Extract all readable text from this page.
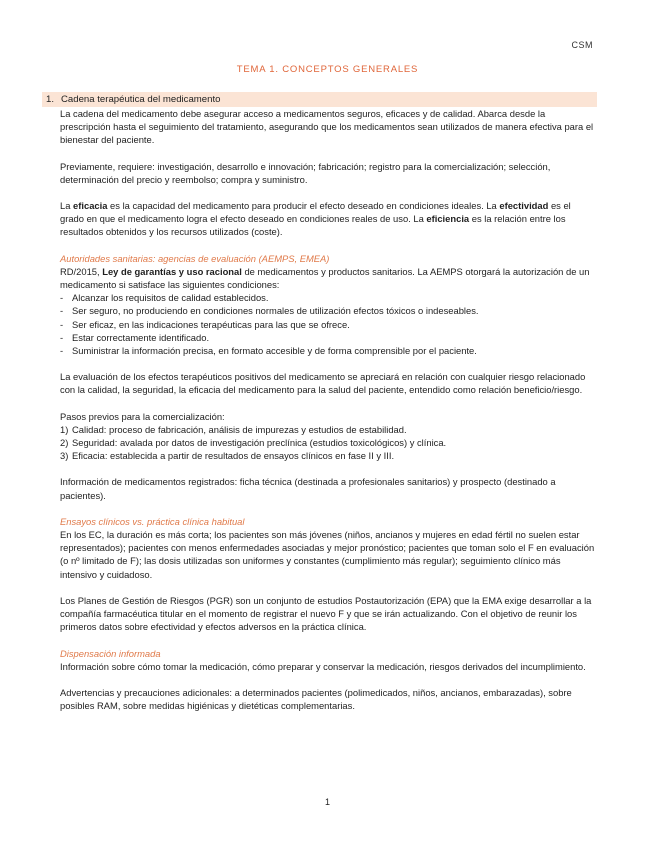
CSM
TEMA 1. CONCEPTOS GENERALES
1. Cadena terapéutica del medicamento

La cadena del medicamento debe asegurar acceso a medicamentos seguros, eficaces y de calidad. Abarca desde la prescripción hasta el seguimiento del tratamiento, asegurando que los medicamentos sean utilizados de manera efectiva para el bienestar del paciente.

Previamente, requiere: investigación, desarrollo e innovación; fabricación; registro para la comercialización; selección, determinación del precio y reembolso; compra y suministro.

La eficacia es la capacidad del medicamento para producir el efecto deseado en condiciones ideales. La efectividad es el grado en que el medicamento logra el efecto deseado en condiciones reales de uso. La eficiencia es la relación entre los resultados obtenidos y los recursos utilizados (coste).

Autoridades sanitarias: agencias de evaluación (AEMPS, EMEA)

RD/2015, Ley de garantías y uso racional de medicamentos y productos sanitarios. La AEMPS otorgará la autorización de un medicamento si satisface las siguientes condiciones:

- Alcanzar los requisitos de calidad establecidos.
- Ser seguro, no produciendo en condiciones normales de utilización efectos tóxicos o indeseables.
- Ser eficaz, en las indicaciones terapéuticas para las que se ofrece.
- Estar correctamente identificado.
- Suministrar la información precisa, en formato accesible y de forma comprensible por el paciente.

La evaluación de los efectos terapéuticos positivos del medicamento se apreciará en relación con cualquier riesgo relacionado con la calidad, la seguridad, la eficacia del medicamento para la salud del paciente, entendido como relación beneficio/riesgo.

Pasos previos para la comercialización:

1) Calidad: proceso de fabricación, análisis de impurezas y estudios de estabilidad.
2) Seguridad: avalada por datos de investigación preclínica (estudios toxicológicos) y clínica.
3) Eficacia: establecida a partir de resultados de ensayos clínicos en fase II y III.

Información de medicamentos registrados: ficha técnica (destinada a profesionales sanitarios) y prospecto (destinado a pacientes).

Ensayos clínicos vs. práctica clínica habitual

En los EC, la duración es más corta; los pacientes son más jóvenes (niños, ancianos y mujeres en edad fértil no suelen estar representados); pacientes con menos enfermedades asociadas y mejor pronóstico; pacientes que toman solo el F en evaluación (o nº limitado de F); las dosis utilizadas son uniformes y constantes (cumplimiento más regular); seguimiento clínico más intensivo y cuidadoso.

Los Planes de Gestión de Riesgos (PGR) son un conjunto de estudios Postautorización (EPA) que la EMA exige desarrollar a la compañía farmacéutica titular en el momento de registrar el nuevo F y que se irán actualizando. Con el objetivo de reunir los primeros datos sobre efectividad y efectos adversos en la práctica clínica.

Dispensación informada

Información sobre cómo tomar la medicación, cómo preparar y conservar la medicación, riesgos derivados del incumplimiento.

Advertencias y precauciones adicionales: a determinados pacientes (polimedicados, niños, ancianos, embarazadas), sobre posibles RAM, sobre medidas higiénicas y dietéticas complementarias.

1
